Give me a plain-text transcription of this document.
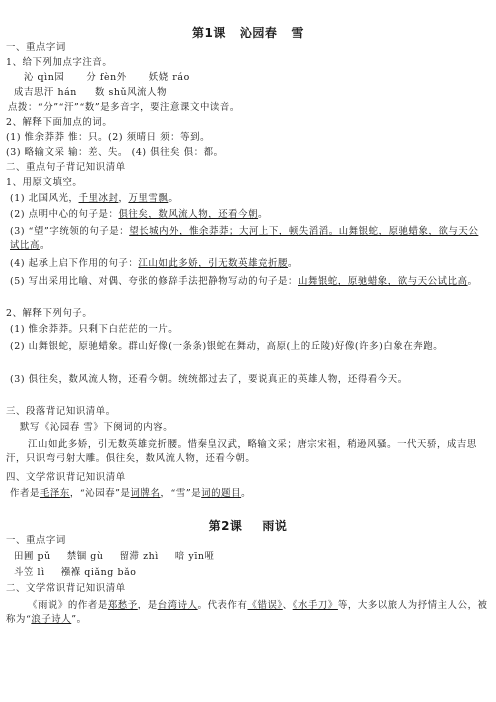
第1课 沁园春 雪
一、重点字词
1、给下列加点字注音。
沁 qìn园 分 fèn外 妖娆 ráo
成吉思汗 hán 数 shǔ风流人物
点拨：“分”“汗”“数”是多音字，要注意课文中读音。
2、解释下面加点的词。
(1) 惟余莽莽 惟：只。(2) 须晴日 须：等到。
(3) 略输文采 输：差、失。 (4) 俱往矣 俱：都。
二、重点句子背记知识清单
1、用原文填空。
(1) 北国风光，千里冰封，万里雪飘。
(2) 点明中心的句子是：俱往矣，数风流人物，还看今朝。
(3) “望”字统领的句子是：望长城内外，惟余莽莽；大河上下，顿失滔滔。山舞银蛇，原驰蜡象，欲与天公试比高。
(4) 起承上启下作用的句子：江山如此多娇，引无数英雄竞折腰。
(5) 写出采用比喻、对偶、夸张的修辞手法把静物写动的句子是：山舞银蛇，原驰蜡象，欲与天公试比高。
2、解释下列句子。
(1) 惟余莽莽。只剩下白茫茫的一片。
(2) 山舞银蛇，原驰蜡象。群山好像(一条条)银蛇在舞动，高原(上的丘陵)好像(许多)白象在奔跑。
(3) 俱往矣，数风流人物，还看今朝。统统都过去了，要说真正的英雄人物，还得看今天。
三、段落背记知识清单。
默写《沁园春 雪》下阕词的内容。
江山如此多娇，引无数英雄竞折腰。惜秦皇汉武，略输文采；唐宗宋祖，稍逊风骚。一代天骄，成吉思汗，只识弯弓射大雕。俱往矣，数风流人物，还看今朝。
四、文学常识背记知识清单
作者是毛泽东，“沁园春”是词牌名，“雪”是词的题目。
第2课 雨说
一、重点字词
田圃 pǔ 禁锢 gù 留滞 zhì 喑 yīn哑
斗笠 lì 襁褓 qiǎng bǎo
二、文学常识背记知识清单
《雨说》的作者是郑愁予，是台湾诗人。代表作有《错误》、《水手刀》等，大多以旅人为抒情主人公，被称为“浪子诗人”。
